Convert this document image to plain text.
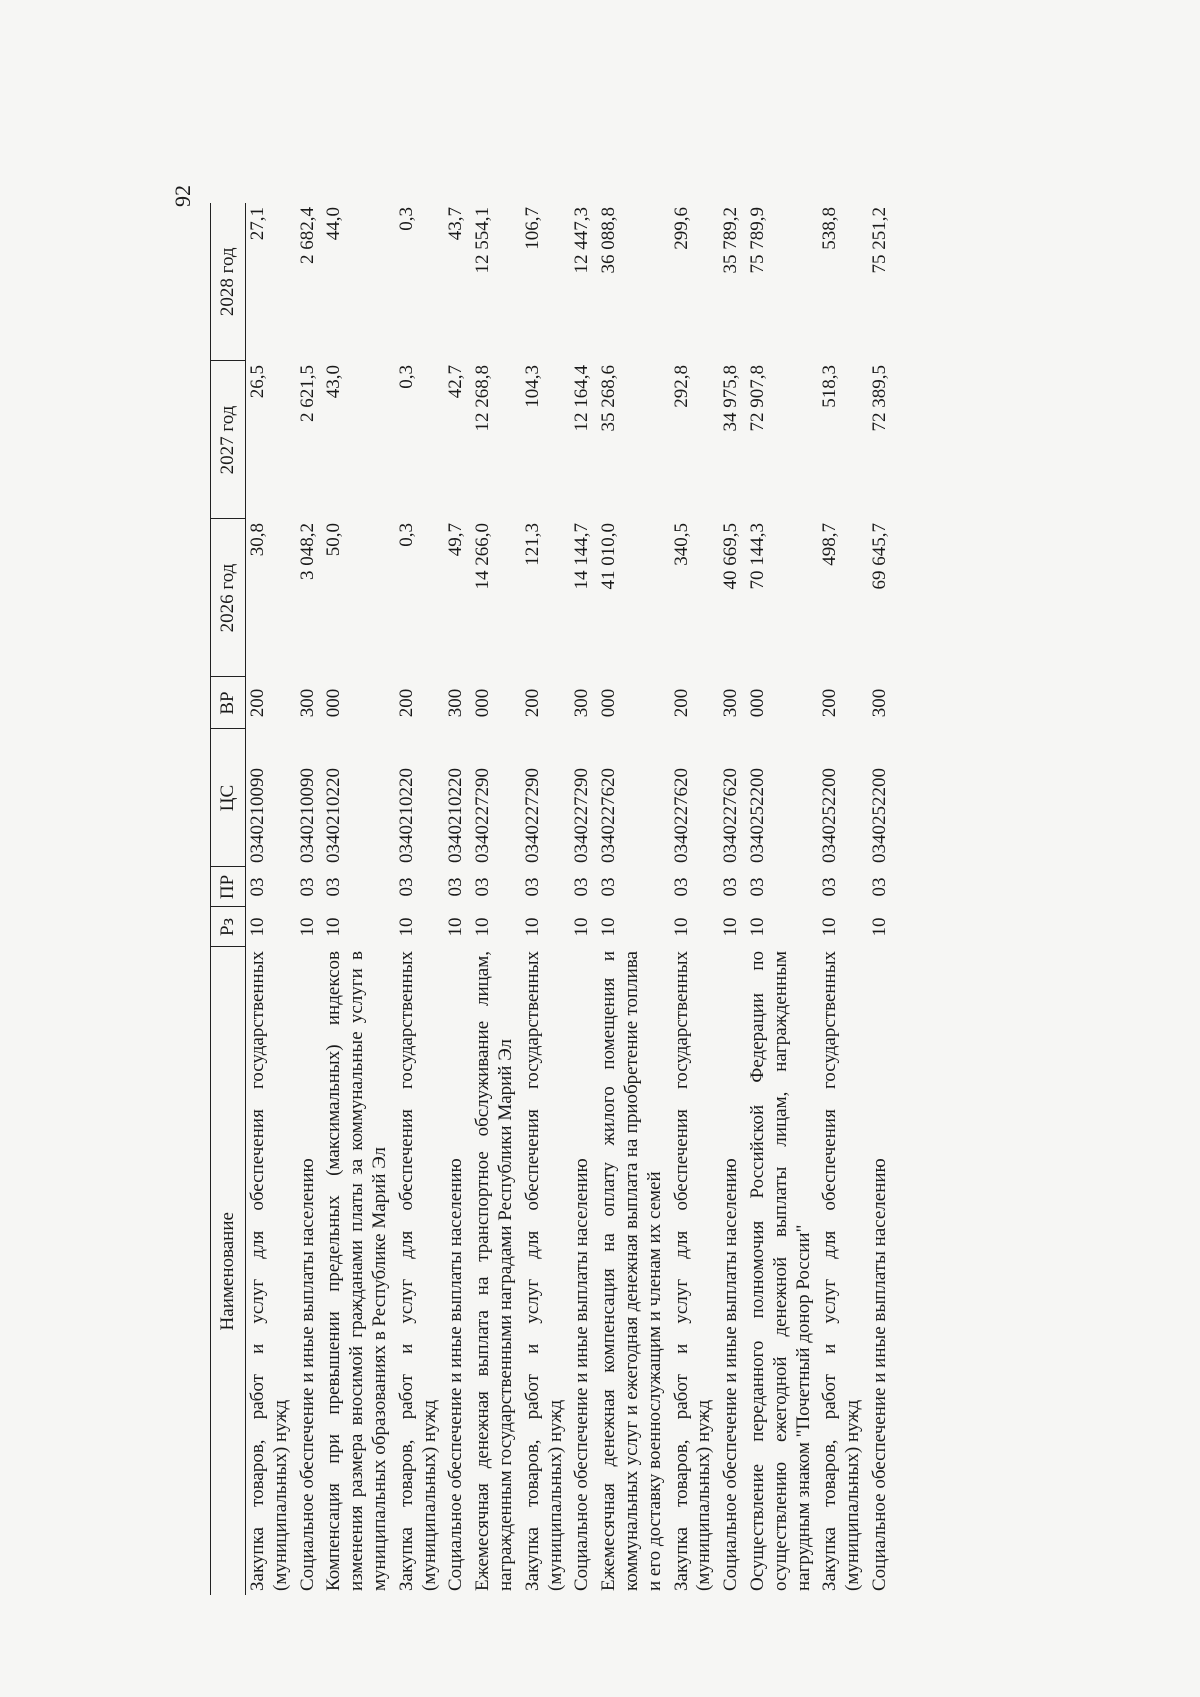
92
Наименование	Рз	ПР	ЦС	ВР	2026 год	2027 год	2028 год
Закупка товаров, работ и услуг для обеспечения государственных (муниципальных) нужд	10	03	0340210090	200	30,8	26,5	27,1
Социальное обеспечение и иные выплаты населению	10	03	0340210090	300	3 048,2	2 621,5	2 682,4
Компенсация при превышении предельных (максимальных) индексов изменения размера вносимой гражданами платы за коммунальные услуги в муниципальных образованиях в Республике Марий Эл	10	03	0340210220	000	50,0	43,0	44,0
Закупка товаров, работ и услуг для обеспечения государственных (муниципальных) нужд	10	03	0340210220	200	0,3	0,3	0,3
Социальное обеспечение и иные выплаты населению	10	03	0340210220	300	49,7	42,7	43,7
Ежемесячная денежная выплата на транспортное обслуживание лицам, награжденным государственными наградами Республики Марий Эл	10	03	0340227290	000	14 266,0	12 268,8	12 554,1
Закупка товаров, работ и услуг для обеспечения государственных (муниципальных) нужд	10	03	0340227290	200	121,3	104,3	106,7
Социальное обеспечение и иные выплаты населению	10	03	0340227290	300	14 144,7	12 164,4	12 447,3
Ежемесячная денежная компенсация на оплату жилого помещения и коммунальных услуг и ежегодная денежная выплата на приобретение топлива и его доставку военнослужащим и членам их семей	10	03	0340227620	000	41 010,0	35 268,6	36 088,8
Закупка товаров, работ и услуг для обеспечения государственных (муниципальных) нужд	10	03	0340227620	200	340,5	292,8	299,6
Социальное обеспечение и иные выплаты населению	10	03	0340227620	300	40 669,5	34 975,8	35 789,2
Осуществление переданного полномочия Российской Федерации по осуществлению ежегодной денежной выплаты лицам, награжденным нагрудным знаком "Почетный донор России"	10	03	0340252200	000	70 144,3	72 907,8	75 789,9
Закупка товаров, работ и услуг для обеспечения государственных (муниципальных) нужд	10	03	0340252200	200	498,7	518,3	538,8
Социальное обеспечение и иные выплаты населению	10	03	0340252200	300	69 645,7	72 389,5	75 251,2
